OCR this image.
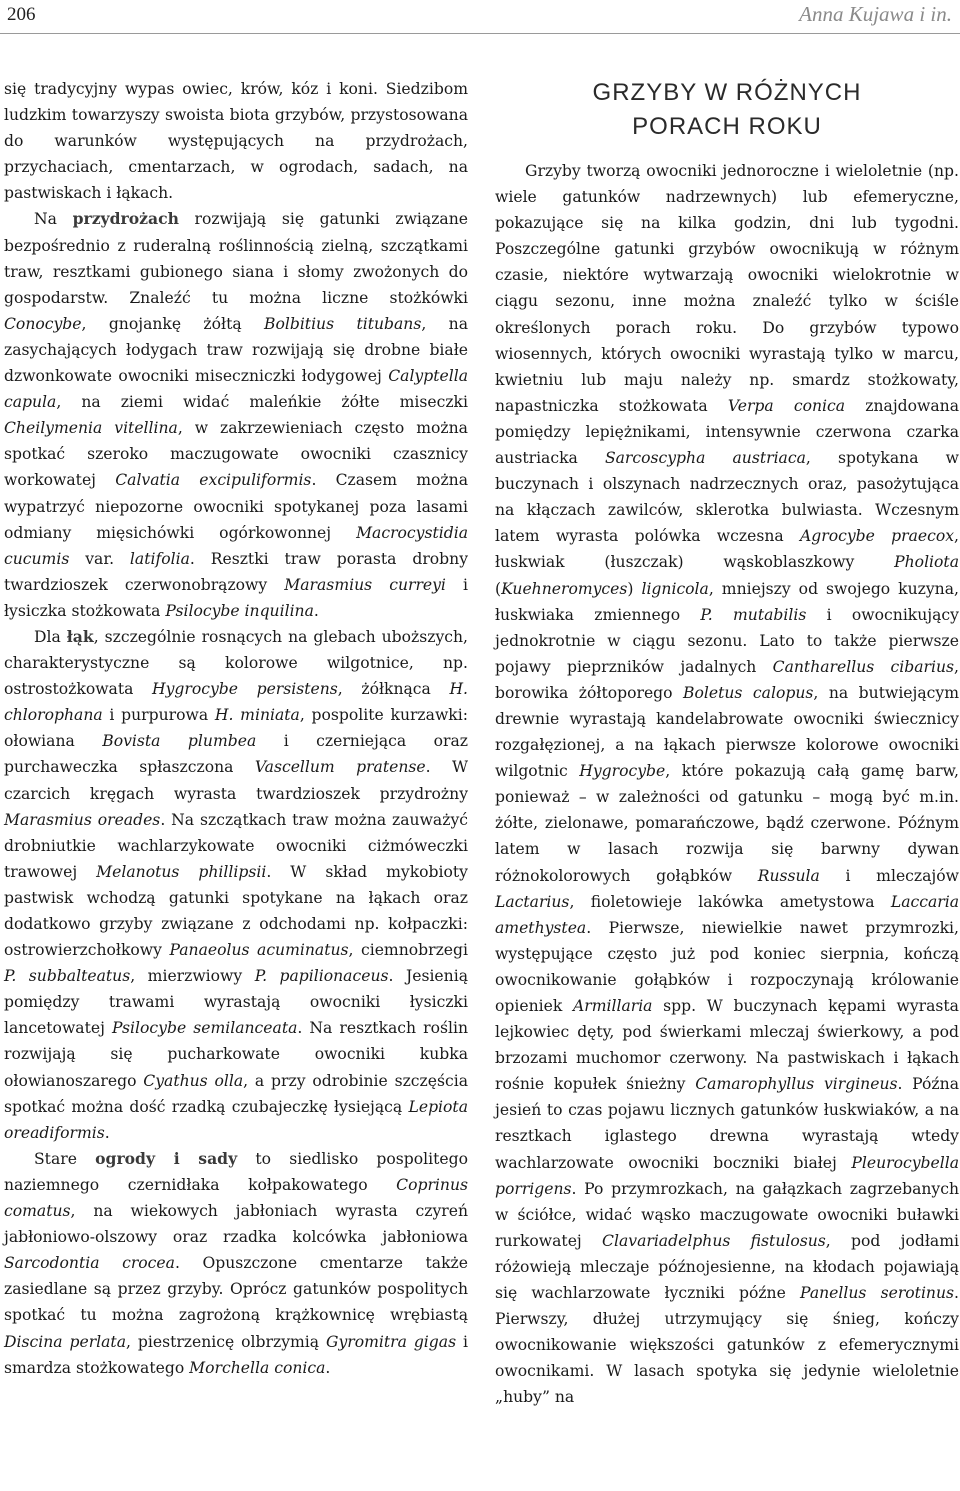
206	Anna Kujawa i in.

się tradycyjny wypas owiec, krów, kóz i koni. Siedzibom ludzkim towarzyszy swoista biota grzybów, przystosowana do warunków występujących na przydrożach, przychaciach, cmentarzach, w ogrodach, sadach, na pastwiskach i łąkach.

Na przydrożach rozwijają się gatunki związane bezpośrednio z ruderalną roślinnością zielną, szczątkami traw, resztkami gubionego siana i słomy zwożonych do gospodarstw. Znaleźć tu można liczne stożkówki Conocybe, gnojankę żółtą Bolbitius titubans, na zasychających łodygach traw rozwijają się drobne białe dzwonkowate owocniki miseczniczki łodygowej Calyptella capula, na ziemi widać maleńkie żółte miseczki Cheilymenia vitellina, w zakrzewieniach często można spotkać szeroko maczugowate owocniki czasznicy workowatej Calvatia excipuliformis. Czasem można wypatrzyć niepozorne owocniki spotykanej poza lasami odmiany mięsichówki ogórkowonnej Macrocystidia cucumis var. latifolia. Resztki traw porasta drobny twardzioszek czerwonobrązowy Marasmius curreyi i łysiczka stożkowata Psilocybe inquilina.

Dla łąk, szczególnie rosnących na glebach uboższych, charakterystyczne są kolorowe wilgotnice, np. ostrostożkowata Hygrocybe persistens, żółknąca H. chlorophana i purpurowa H. miniata, pospolite kurzawki: ołowiana Bovista plumbea i czerniejąca oraz purchaweczka spłaszczona Vascellum pratense. W czarcich kręgach wyrasta twardzioszek przydrożny Marasmius oreades. Na szczątkach traw można zauważyć drobniutkie wachlarzykowate owocniki ciżmóweczki trawowej Melanotus phillipsii. W skład mykobioty pastwisk wchodzą gatunki spotykane na łąkach oraz dodatkowo grzyby związane z odchodami np. kołpaczki: ostrowierzchołkowy Panaeolus acuminatus, ciemnobrzegi P. subbalteatus, mierzwiowy P. papilionaceus. Jesienią pomiędzy trawami wyrastają owocniki łysiczki lancetowatej Psilocybe semilanceata. Na resztkach roślin rozwijają się pucharkowate owocniki kubka ołowianoszarego Cyathus olla, a przy odrobinie szczęścia spotkać można dość rzadką czubajeczkę łysiejącą Lepiota oreadiformis.

Stare ogrody i sady to siedlisko pospolitego naziemnego czernidłaka kołpakowatego Coprinus comatus, na wiekowych jabłoniach wyrasta czyreń jabłoniowo-olszowy oraz rzadka kolcówka jabłoniowa Sarcodontia crocea. Opuszczone cmentarze także zasiedlane są przez grzyby. Oprócz gatunków pospolitych spotkać tu można zagrożoną krążkownicę wrębiastą Discina perlata, piestrzenicę olbrzymią Gyromitra gigas i smardza stożkowatego Morchella conica.

GRZYBY W RÓŻNYCH
PORACH ROKU

Grzyby tworzą owocniki jednoroczne i wieloletnie (np. wiele gatunków nadrzewnych) lub efemeryczne, pokazujące się na kilka godzin, dni lub tygodni. Poszczególne gatunki grzybów owocnikują w różnym czasie, niektóre wytwarzają owocniki wielokrotnie w ciągu sezonu, inne można znaleźć tylko w ściśle określonych porach roku. Do grzybów typowo wiosennych, których owocniki wyrastają tylko w marcu, kwietniu lub maju należy np. smardz stożkowaty, napastniczka stożkowata Verpa conica znajdowana pomiędzy lepiężnikami, intensywnie czerwona czarka austriacka Sarcoscypha austriaca, spotykana w buczynach i olszynach nadrzecznych oraz, pasożytująca na kłączach zawilców, sklerotka bulwiasta. Wczesnym latem wyrasta polówka wczesna Agrocybe praecox, łuskwiak (łuszczak) wąskoblaszkowy Pholiota (Kuehneromyces) lignicola, mniejszy od swojego kuzyna, łuskwiaka zmiennego P. mutabilis i owocnikujący jednokrotnie w ciągu sezonu. Lato to także pierwsze pojawy pieprzników jadalnych Cantharellus cibarius, borowika żółtoporego Boletus calopus, na butwiejącym drewnie wyrastają kandelabrowate owocniki świecznicy rozgałęzionej, a na łąkach pierwsze kolorowe owocniki wilgotnic Hygrocybe, które pokazują całą gamę barw, ponieważ – w zależności od gatunku – mogą być m.in. żółte, zielonawe, pomarańczowe, bądź czerwone. Późnym latem w lasach rozwija się barwny dywan różnokolorowych gołąbków Russula i mleczajów Lactarius, fioletowieje lakówka ametystowa Laccaria amethystea. Pierwsze, niewielkie nawet przymrozki, występujące często już pod koniec sierpnia, kończą owocnikowanie gołąbków i rozpoczynają królowanie opieniek Armillaria spp. W buczynach kępami wyrasta lejkowiec dęty, pod świerkami mleczaj świerkowy, a pod brzozami muchomor czerwony. Na pastwiskach i łąkach rośnie kopułek śnieżny Camarophyllus virgineus. Późna jesień to czas pojawu licznych gatunków łuskwiaków, a na resztkach iglastego drewna wyrastają wtedy wachlarzowate owocniki boczniki białej Pleurocybella porrigens. Po przymrozkach, na gałązkach zagrzebanych w ściółce, widać wąsko maczugowate owocniki buławki rurkowatej Clavariadelphus fistulosus, pod jodłami różowieją mleczaje późnojesienne, na kłodach pojawiają się wachlarzowate łyczniki późne Panellus serotinus. Pierwszy, dłużej utrzymujący się śnieg, kończy owocnikowanie większości gatunków z efemerycznymi owocnikami. W lasach spotyka się jedynie wieloletnie „huby” na
